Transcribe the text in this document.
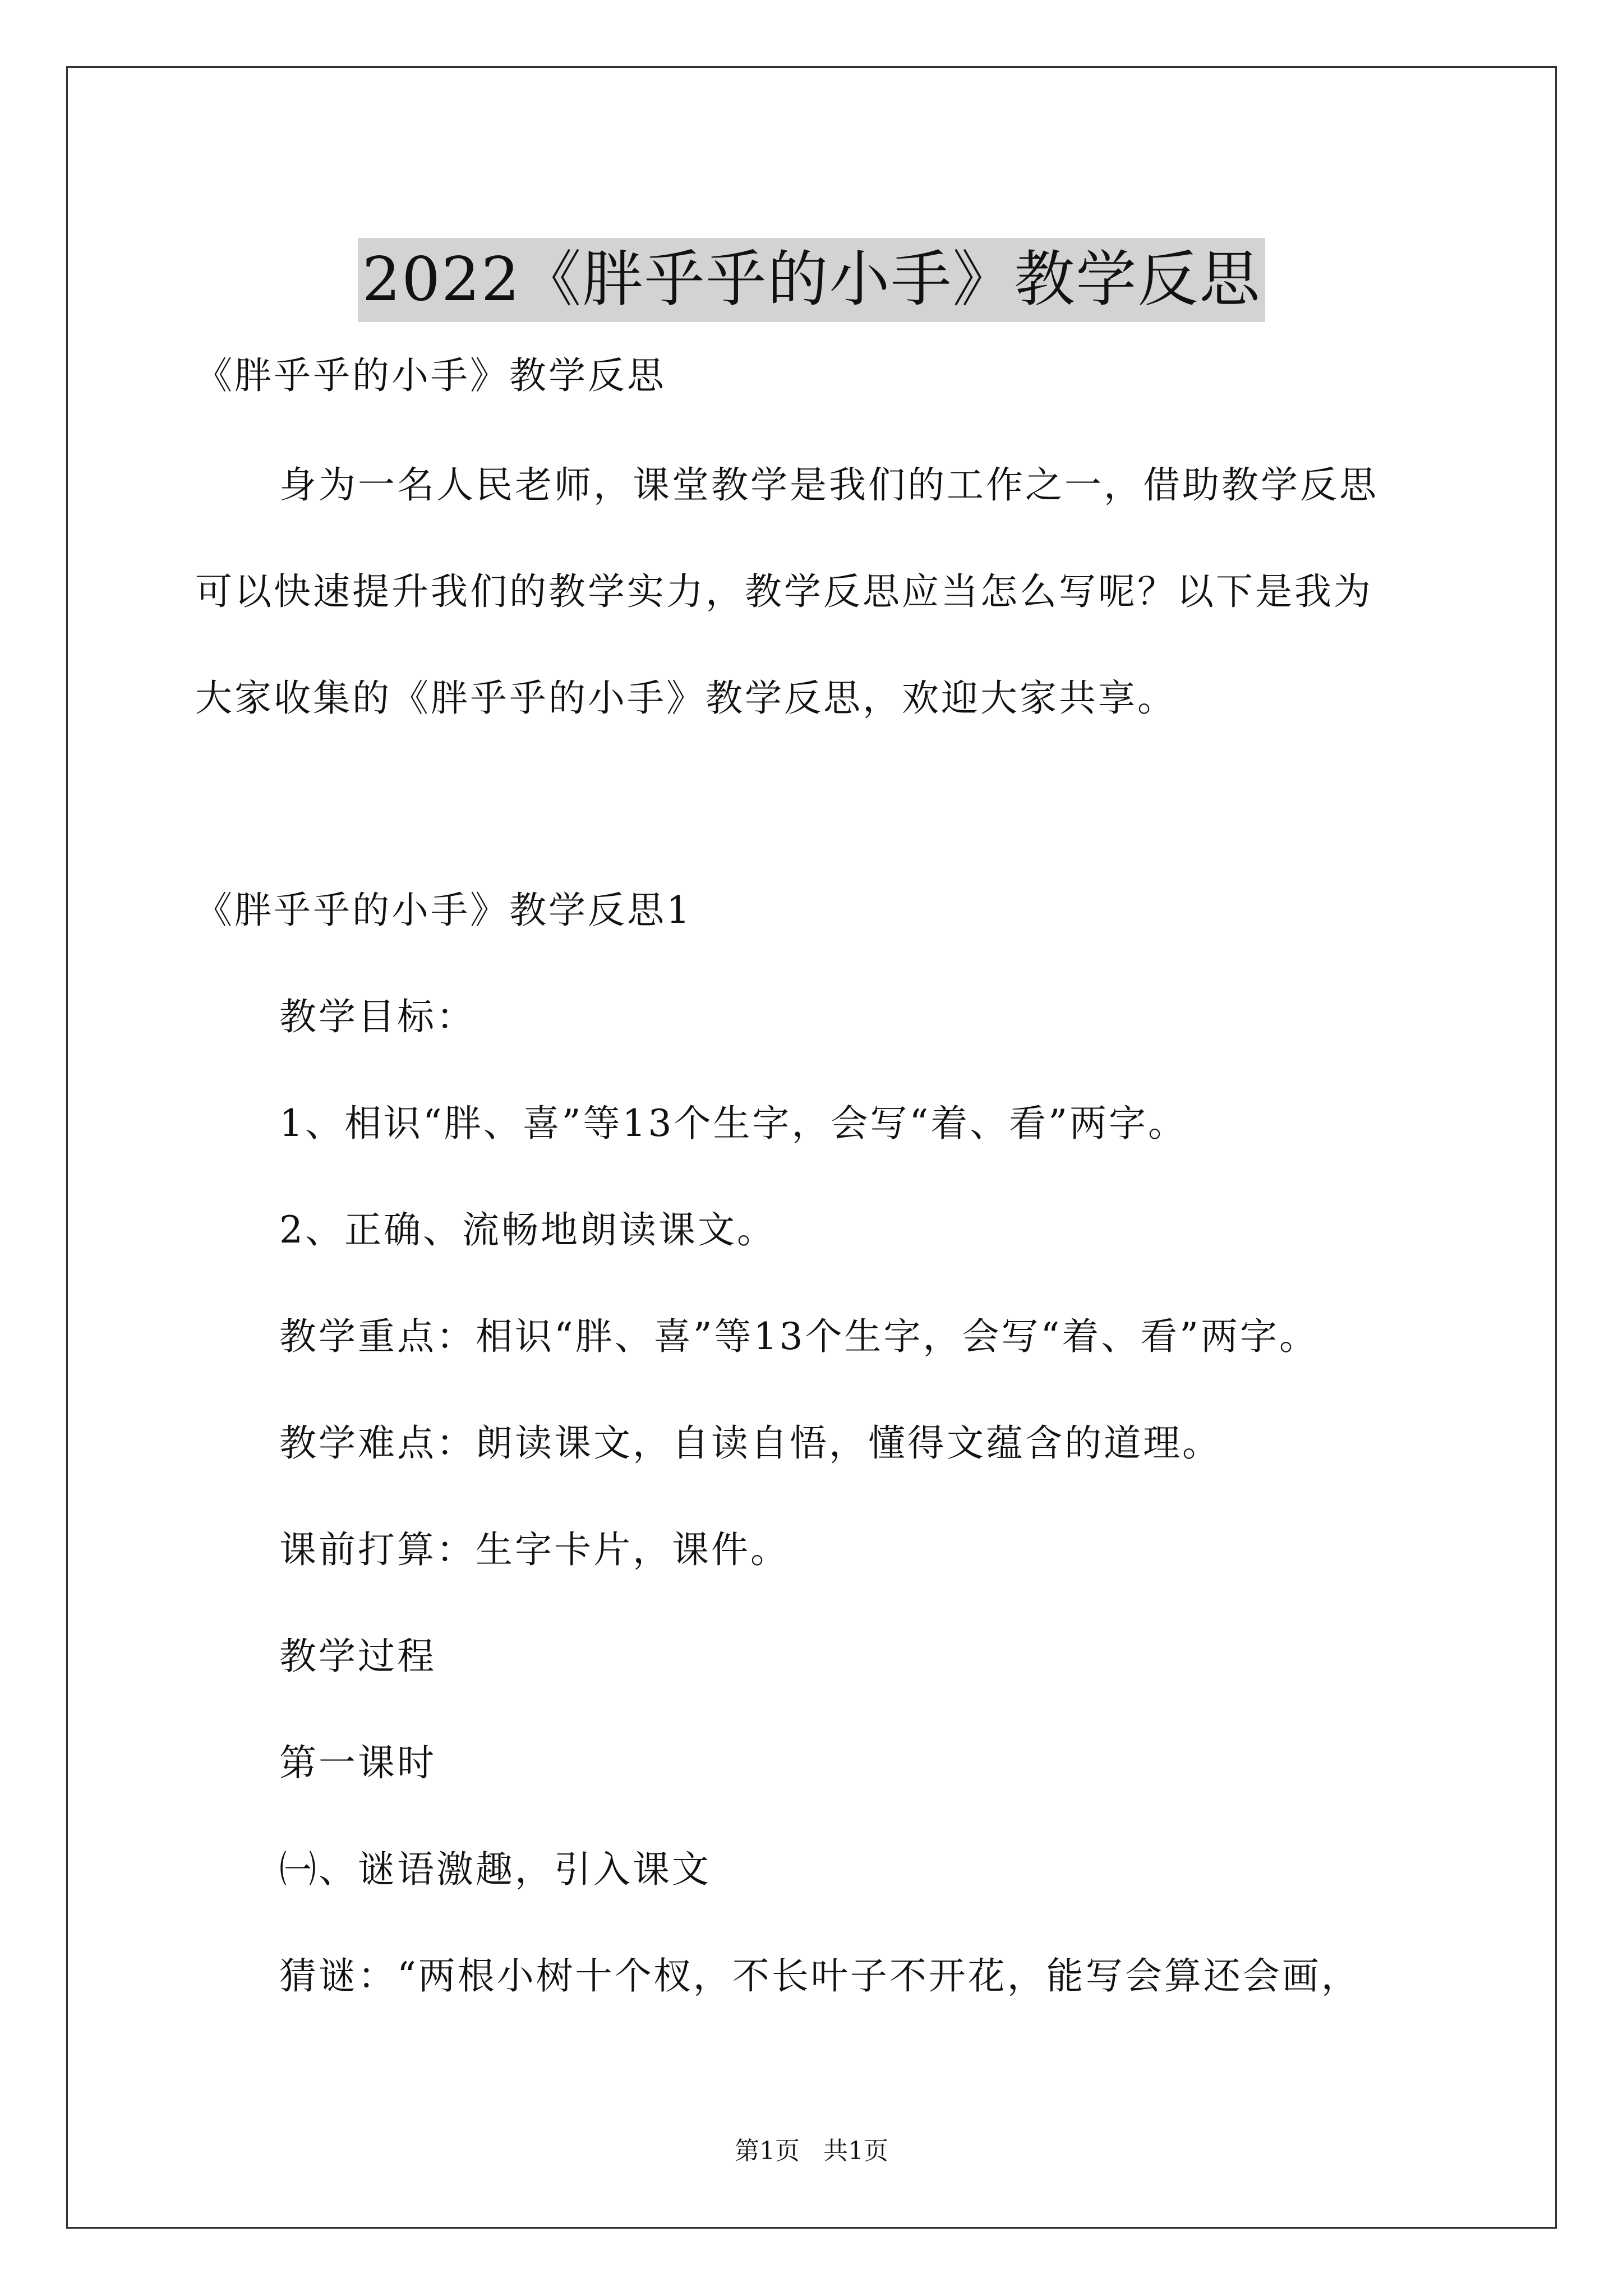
2022《胖乎乎的小手》教学反思
《胖乎乎的小手》教学反思
身为一名人民老师，课堂教学是我们的工作之一，借助教学反思
可以快速提升我们的教学实力，教学反思应当怎么写呢？以下是我为
大家收集的《胖乎乎的小手》教学反思，欢迎大家共享。
《胖乎乎的小手》教学反思1
教学目标：
1、相识“胖、喜”等13个生字，会写“着、看”两字。
2、正确、流畅地朗读课文。
教学重点：相识“胖、喜”等13个生字，会写“着、看”两字。
教学难点：朗读课文，自读自悟，懂得文蕴含的道理。
课前打算：生字卡片，课件。
教学过程
第一课时
㈠、谜语激趣，引入课文
猜谜：“两根小树十个杈，不长叶子不开花，能写会算还会画，
第1页   共1页
